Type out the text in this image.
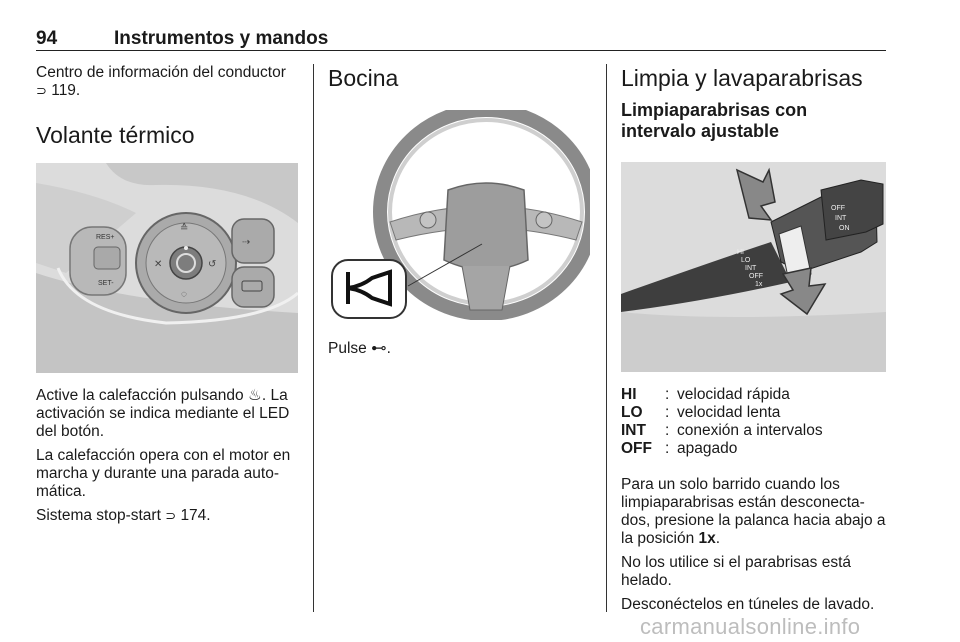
94	Instrumentos y mandos

Centro de información del conductor
⊃ 119.

Volante térmico
RES+
SET-
≙
✕	↺
◌
⇢

Active la calefacción pulsando ♨. La activación se indica mediante el LED del botón.

La calefacción opera con el motor en marcha y durante una parada auto-mática.

Sistema stop-start ⊃ 174.

Bocina

Pulse ⊷.

Limpia y lavaparabrisas
Limpiaparabrisas con intervalo ajustable
OFF
INT
ON
HI
LO
INT
OFF
1x
HI	:	velocidad rápida
LO	:	velocidad lenta
INT	:	conexión a intervalos
OFF	:	apagado

Para un solo barrido cuando los limpiaparabrisas están desconecta-dos, presione la palanca hacia abajo a la posición 1x.

No los utilice si el parabrisas está helado.

Desconéctelos en túneles de lavado.

carmanualsonline.info
